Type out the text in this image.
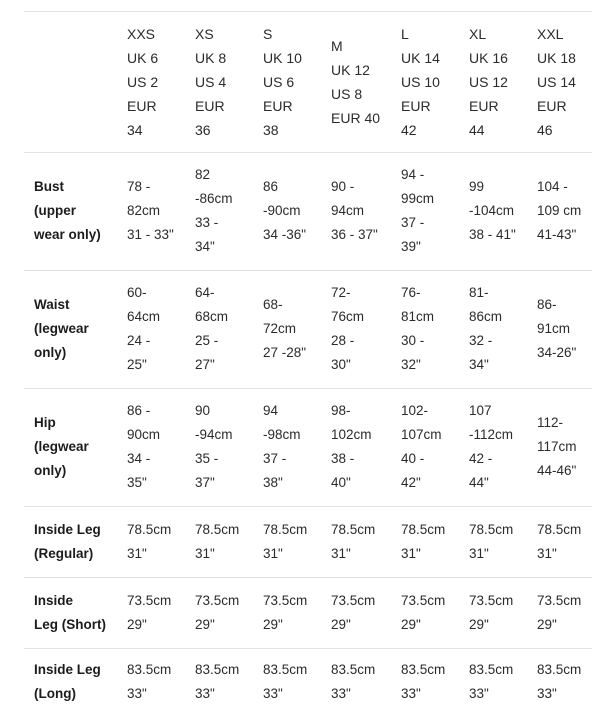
XXS
UK 6
US 2
EUR
34
XS
UK 8
US 4
EUR
36
S
UK 10
US 6
EUR
38
M
UK 12
US 8
EUR 40
L
UK 14
US 10
EUR
42
XL
UK 16
US 12
EUR
44
XXL
UK 18
US 14
EUR
46
Bust
(upper
wear only)
78 -
82cm
31 - 33"
82
-86cm
33 -
34"
86
-90cm
34 -36"
90 -
94cm
36 - 37"
94 -
99cm
37 -
39"
99
-104cm
38 - 41"
104 -
109 cm
41-43"
Waist
(legwear
only)
60-
64cm
24 -
25"
64-
68cm
25 -
27"
68-
72cm
27 -28"
72-
76cm
28 -
30"
76-
81cm
30 -
32"
81-
86cm
32 -
34"
86-
91cm
34-26"
Hip
(legwear
only)
86 -
90cm
34 -
35"
90
-94cm
35 -
37"
94
-98cm
37 -
38"
98-
102cm
38 -
40"
102-
107cm
40 -
42"
107
-112cm
42 -
44"
112-
117cm
44-46"
Inside Leg
(Regular)
78.5cm
31"
78.5cm
31"
78.5cm
31"
78.5cm
31"
78.5cm
31"
78.5cm
31"
78.5cm
31"
Inside
Leg (Short)
73.5cm
29"
73.5cm
29"
73.5cm
29"
73.5cm
29"
73.5cm
29"
73.5cm
29"
73.5cm
29"
Inside Leg
(Long)
83.5cm
33"
83.5cm
33"
83.5cm
33"
83.5cm
33"
83.5cm
33"
83.5cm
33"
83.5cm
33"
